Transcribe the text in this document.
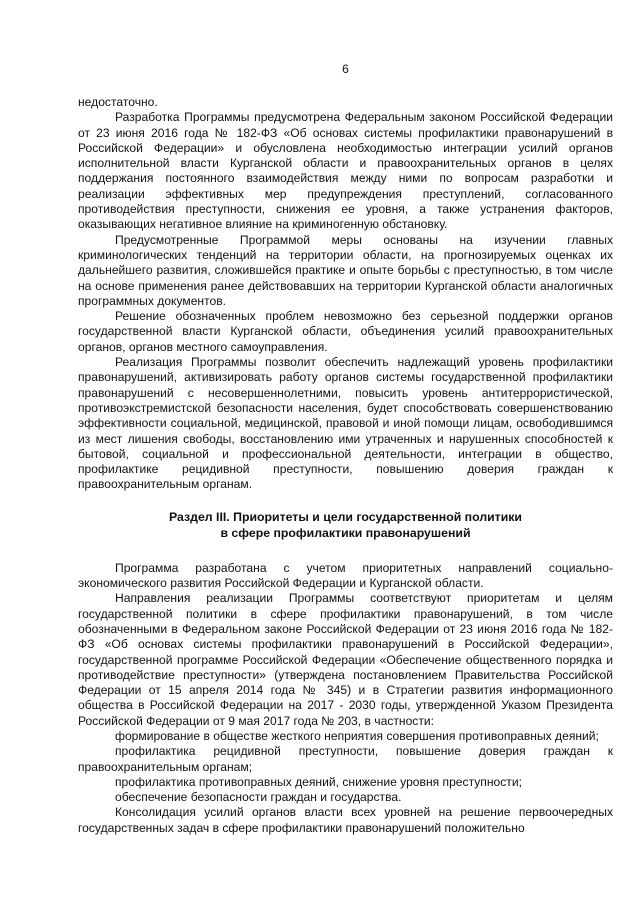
6

недостаточно.

Разработка Программы предусмотрена Федеральным законом Российской Федерации от 23 июня 2016 года № 182-ФЗ «Об основах системы профилактики правонарушений в Российской Федерации» и обусловлена необходимостью интеграции усилий органов исполнительной власти Курганской области и правоохранительных органов в целях поддержания постоянного взаимодействия между ними по вопросам разработки и реализации эффективных мер предупреждения преступлений, согласованного противодействия преступности, снижения ее уровня, а также устранения факторов, оказывающих негативное влияние на криминогенную обстановку.

Предусмотренные Программой меры основаны на изучении главных криминологических тенденций на территории области, на прогнозируемых оценках их дальнейшего развития, сложившейся практике и опыте борьбы с преступностью, в том числе на основе применения ранее действовавших на территории Курганской области аналогичных программных документов.

Решение обозначенных проблем невозможно без серьезной поддержки органов государственной власти Курганской области, объединения усилий правоохранительных органов, органов местного самоуправления.

Реализация Программы позволит обеспечить надлежащий уровень профилактики правонарушений, активизировать работу органов системы государственной профилактики правонарушений с несовершеннолетними, повысить уровень антитеррористической, противоэкстремистской безопасности населения, будет способствовать совершенствованию эффективности социальной, медицинской, правовой и иной помощи лицам, освободившимся из мест лишения свободы, восстановлению ими утраченных и нарушенных способностей к бытовой, социальной и профессиональной деятельности, интеграции в общество, профилактике рецидивной преступности, повышению доверия граждан к правоохранительным органам.

Раздел III. Приоритеты и цели государственной политики
в сфере профилактики правонарушений

Программа разработана с учетом приоритетных направлений социально-экономического развития Российской Федерации и Курганской области.

Направления реализации Программы соответствуют приоритетам и целям государственной политики в сфере профилактики правонарушений, в том числе обозначенными в Федеральном законе Российской Федерации от 23 июня 2016 года № 182-ФЗ «Об основах системы профилактики правонарушений в Российской Федерации», государственной программе Российской Федерации «Обеспечение общественного порядка и противодействие преступности» (утверждена постановлением Правительства Российской Федерации от 15 апреля 2014 года № 345) и в Стратегии развития информационного общества в Российской Федерации на 2017 - 2030 годы, утвержденной Указом Президента Российской Федерации от 9 мая 2017 года № 203, в частности:

формирование в обществе жесткого неприятия совершения противоправных деяний;

профилактика рецидивной преступности, повышение доверия граждан к правоохранительным органам;

профилактика противоправных деяний, снижение уровня преступности;

обеспечение безопасности граждан и государства.

Консолидация усилий органов власти всех уровней на решение первоочередных государственных задач в сфере профилактики правонарушений положительно
